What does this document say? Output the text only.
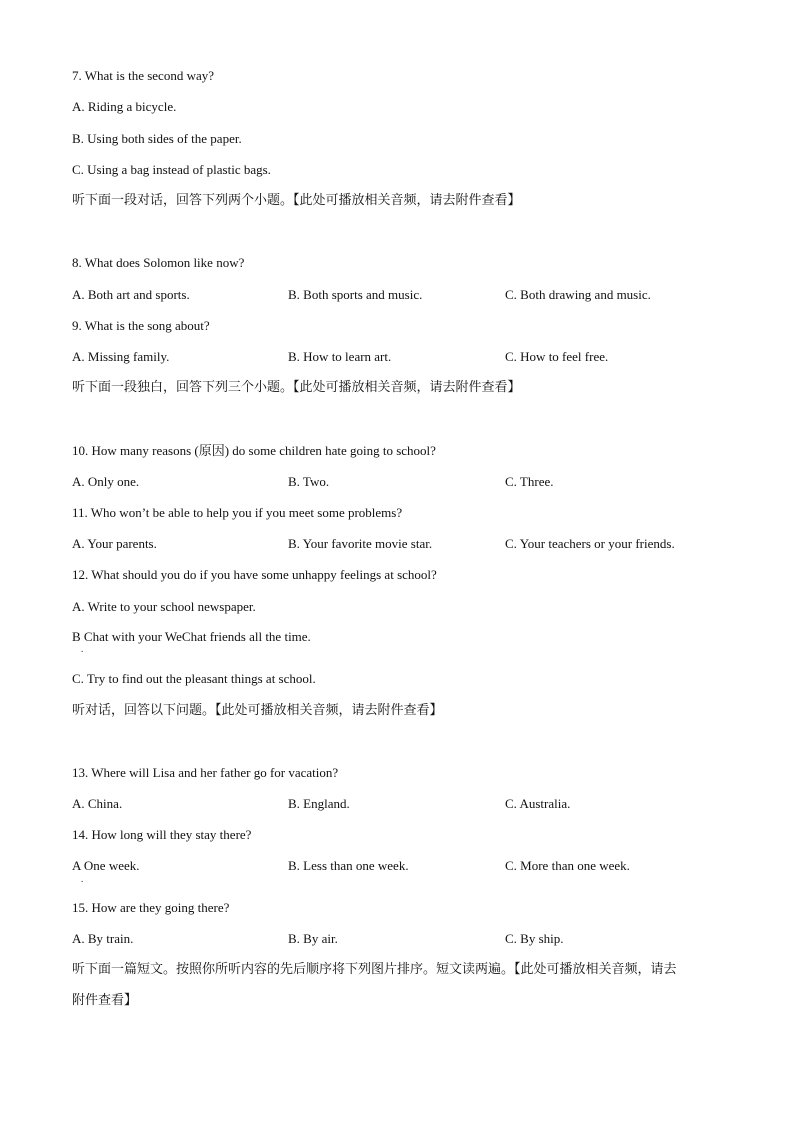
7. What is the second way?
A. Riding a bicycle.
B. Using both sides of the paper.
C. Using a bag instead of plastic bags.
听下面一段对话，回答下列两个小题。【此处可播放相关音频，请去附件查看】
8. What does Solomon like now?
A. Both art and sports.	B. Both sports and music.	C. Both drawing and music.
9. What is the song about?
A. Missing family.	B. How to learn art.	C. How to feel free.
听下面一段独白，回答下列三个小题。【此处可播放相关音频，请去附件查看】
10. How many reasons (原因) do some children hate going to school?
A. Only one.	B. Two.	C. Three.
11. Who won’t be able to help you if you meet some problems?
A. Your parents.	B. Your favorite movie star.	C. Your teachers or your friends.
12. What should you do if you have some unhappy feelings at school?
A. Write to your school newspaper.
B Chat with your WeChat friends all the time.
.
C. Try to find out the pleasant things at school.
听对话，回答以下问题。【此处可播放相关音频，请去附件查看】
13. Where will Lisa and her father go for vacation?
A. China.	B. England.	C. Australia.
14. How long will they stay there?
A One week.
.
B. Less than one week.	C. More than one week.
15. How are they going there?
A. By train.	B. By air.	C. By ship.
听下面一篇短文。按照你所听内容的先后顺序将下列图片排序。短文读两遍。【此处可播放相关音频，请去
附件查看】
